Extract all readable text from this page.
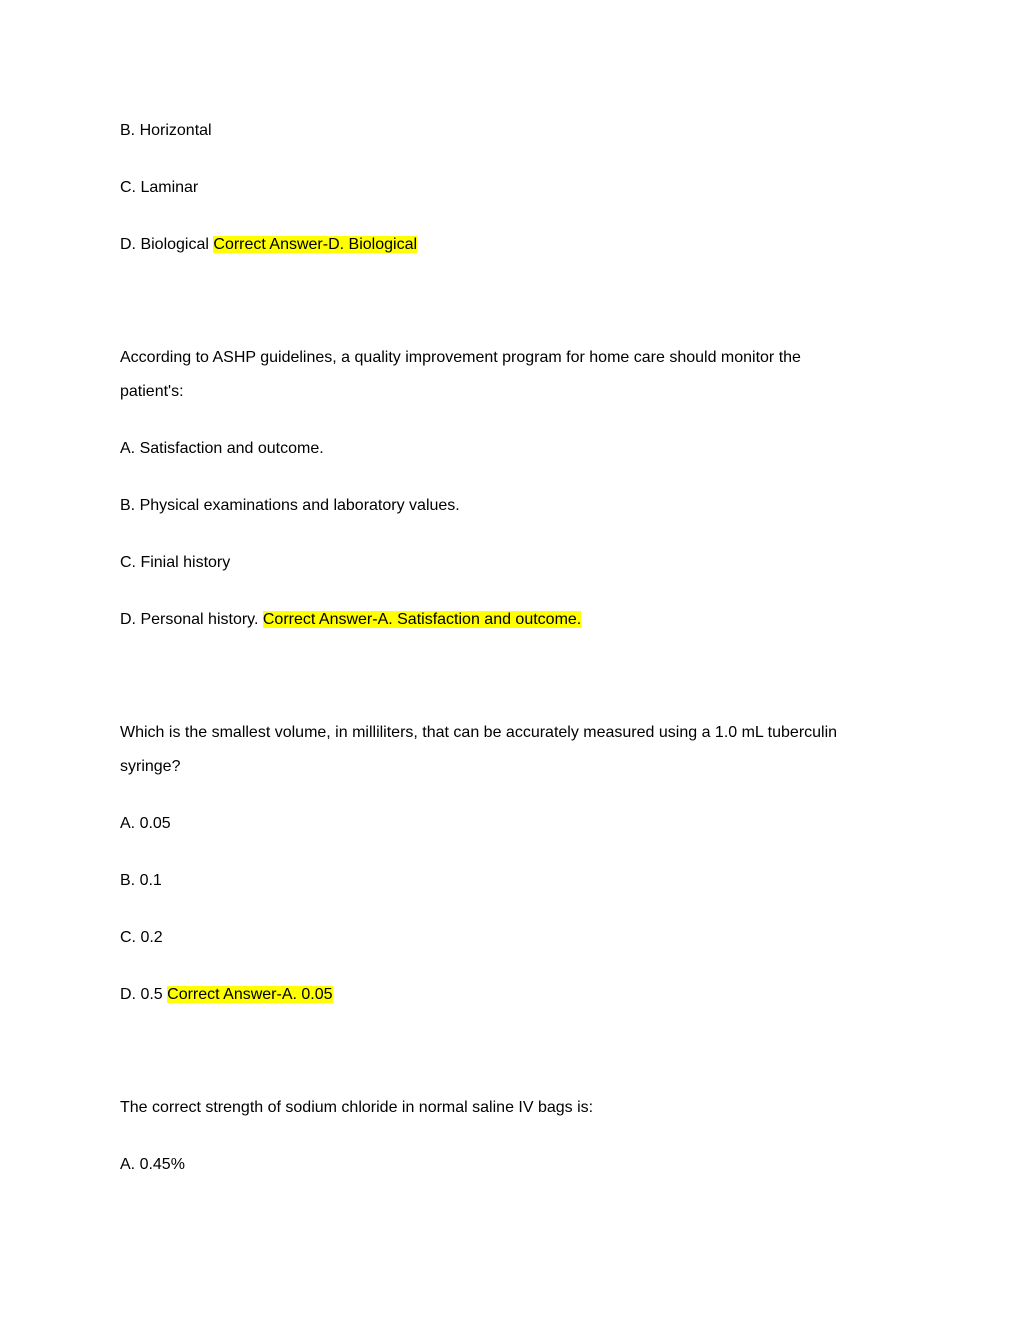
B. Horizontal
C. Laminar
D. Biological Correct Answer-D. Biological
According to ASHP guidelines, a quality improvement program for home care should monitor the
patient's:
A. Satisfaction and outcome.
B. Physical examinations and laboratory values.
C. Finial history
D. Personal history. Correct Answer-A. Satisfaction and outcome.
Which is the smallest volume, in milliliters, that can be accurately measured using a 1.0 mL tuberculin
syringe?
A. 0.05
B. 0.1
C. 0.2
D. 0.5 Correct Answer-A. 0.05
The correct strength of sodium chloride in normal saline IV bags is:
A. 0.45%
